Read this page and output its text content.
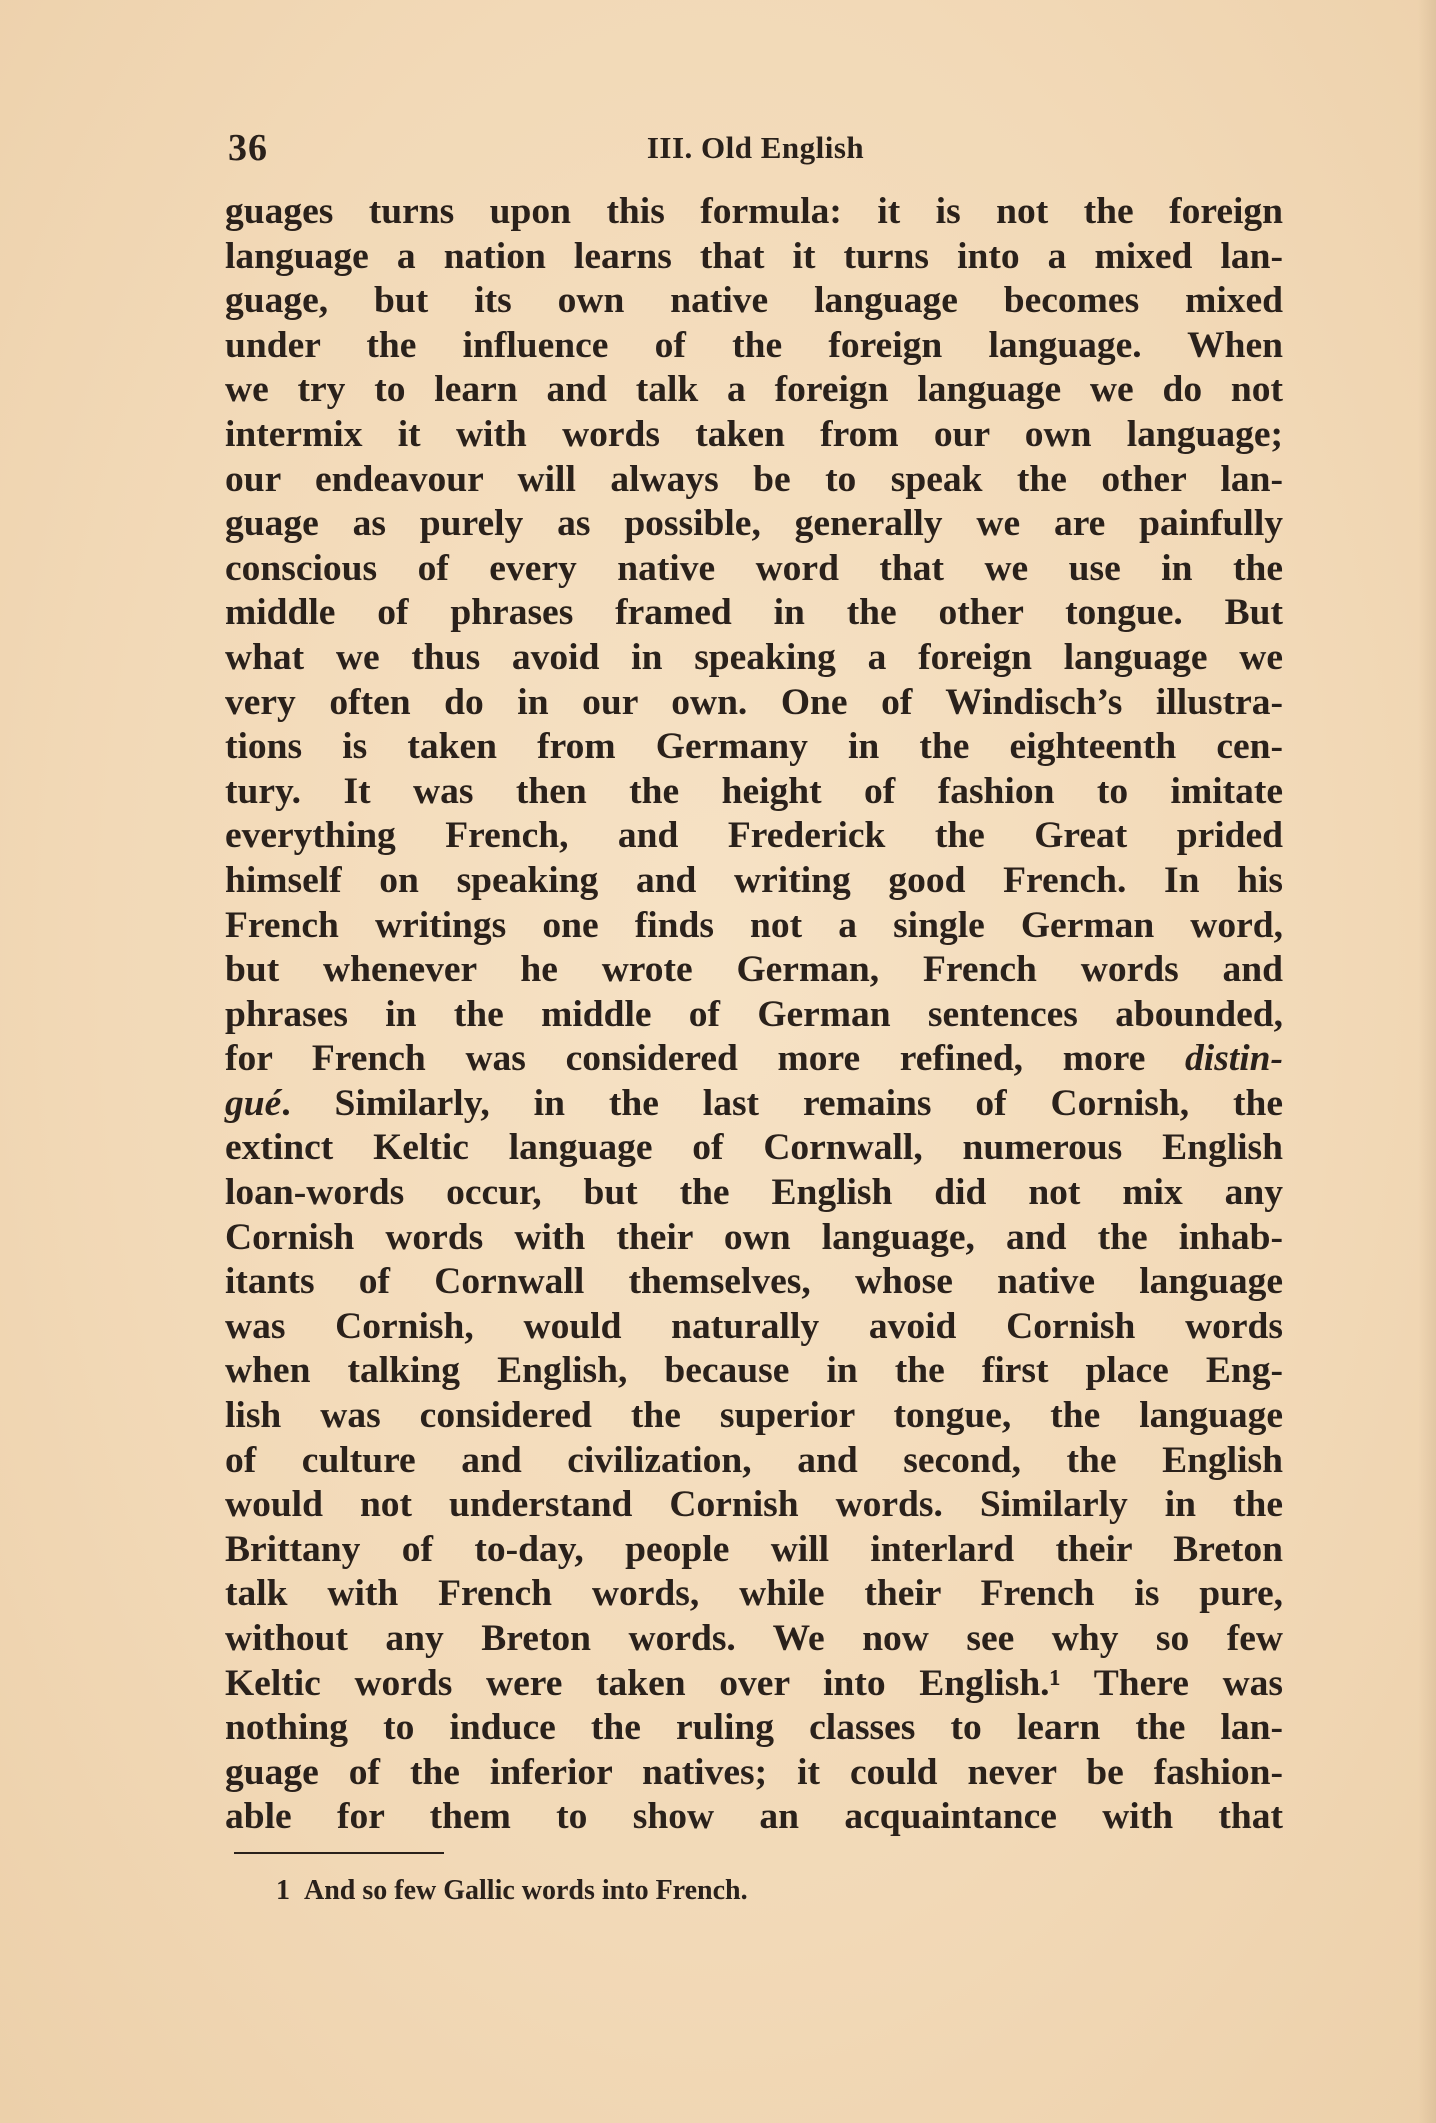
36	III. Old English
guages turns upon this formula: it is not the foreign
language a nation learns that it turns into a mixed lan-
guage, but its own native language becomes mixed
under the influence of the foreign language. When
we try to learn and talk a foreign language we do not
intermix it with words taken from our own language;
our endeavour will always be to speak the other lan-
guage as purely as possible, generally we are painfully
conscious of every native word that we use in the
middle of phrases framed in the other tongue. But
what we thus avoid in speaking a foreign language we
very often do in our own. One of Windisch’s illustra-
tions is taken from Germany in the eighteenth cen-
tury. It was then the height of fashion to imitate
everything French, and Frederick the Great prided
himself on speaking and writing good French. In his
French writings one finds not a single German word,
but whenever he wrote German, French words and
phrases in the middle of German sentences abounded,
for French was considered more refined, more distin-
gué. Similarly, in the last remains of Cornish, the
extinct Keltic language of Cornwall, numerous English
loan-words occur, but the English did not mix any
Cornish words with their own language, and the inhab-
itants of Cornwall themselves, whose native language
was Cornish, would naturally avoid Cornish words
when talking English, because in the first place Eng-
lish was considered the superior tongue, the language
of culture and civilization, and second, the English
would not understand Cornish words. Similarly in the
Brittany of to-day, people will interlard their Breton
talk with French words, while their French is pure,
without any Breton words. We now see why so few
Keltic words were taken over into English.¹ There was
nothing to induce the ruling classes to learn the lan-
guage of the inferior natives; it could never be fashion-
able for them to show an acquaintance with that
1 And so few Gallic words into French.
